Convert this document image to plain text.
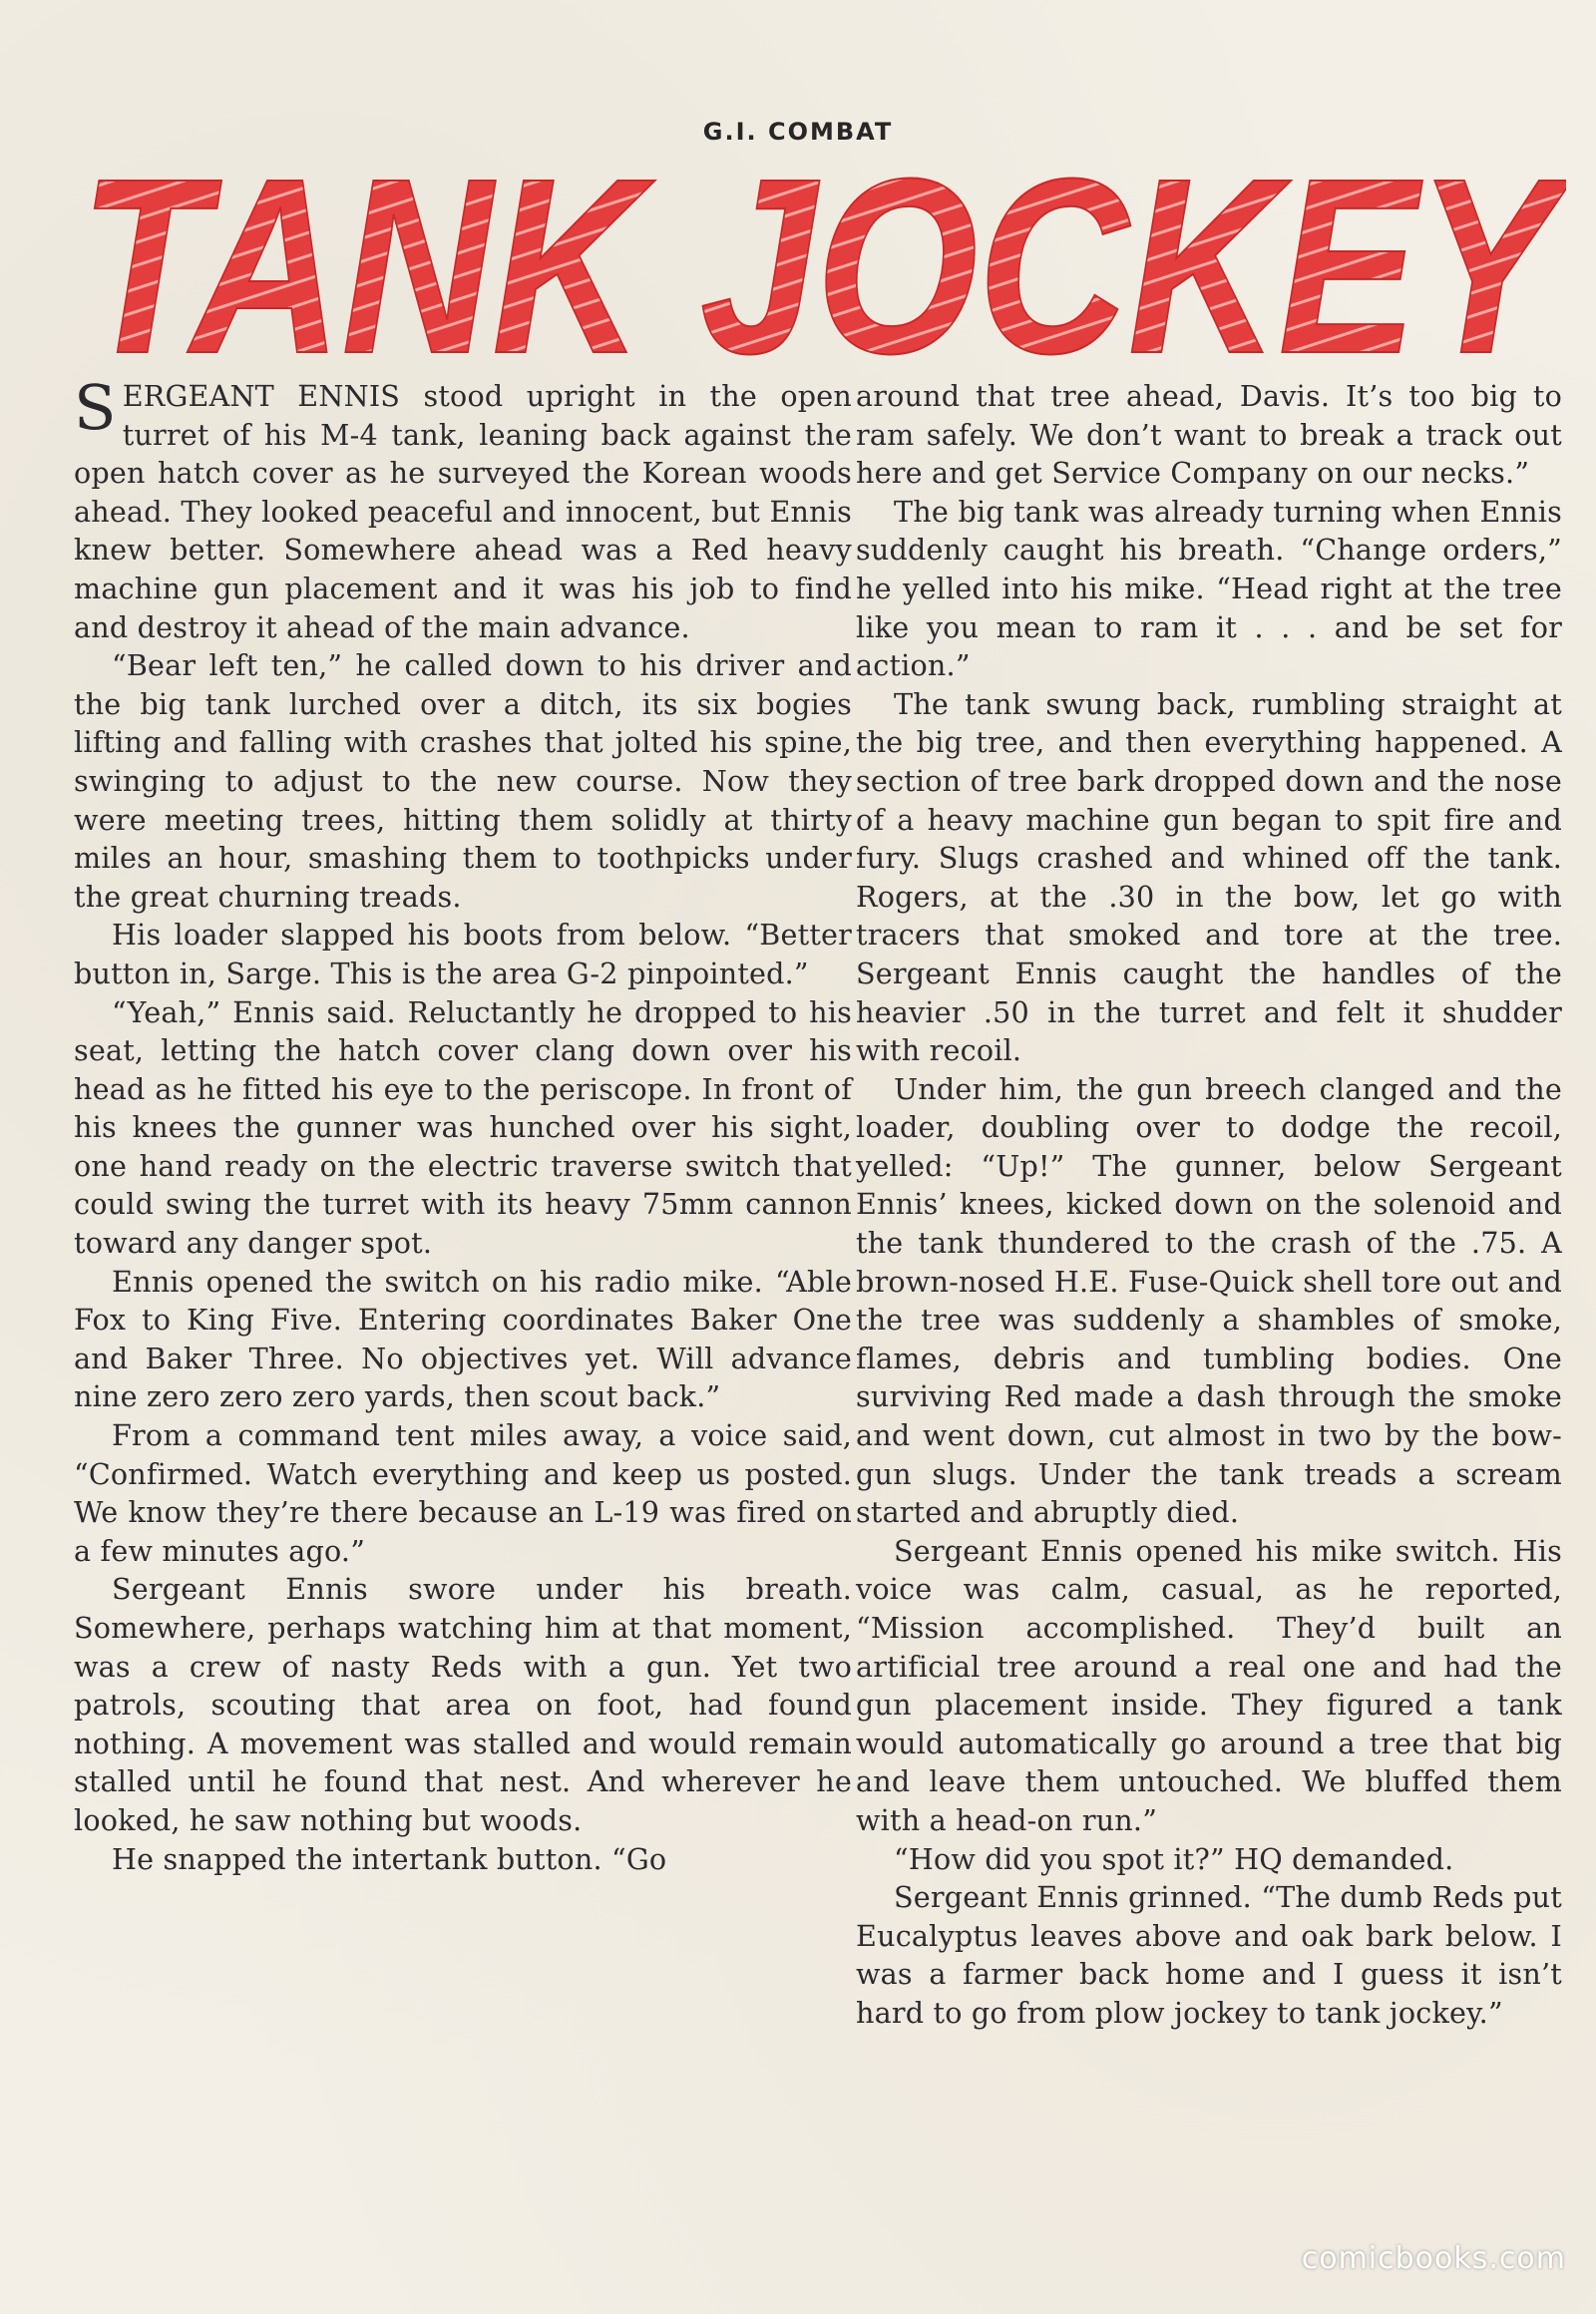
G.I. COMBAT
TANK JOCKEY

SERGEANT ENNIS stood upright in the open turret of his M-4 tank, leaning back against the open hatch cover as he surveyed the Korean woods ahead. They looked peaceful and innocent, but Ennis knew better. Somewhere ahead was a Red heavy machine gun placement and it was his job to find and destroy it ahead of the main advance.

“Bear left ten,” he called down to his driver and the big tank lurched over a ditch, its six bogies lifting and falling with crashes that jolted his spine, swinging to adjust to the new course. Now they were meeting trees, hitting them solidly at thirty miles an hour, smashing them to toothpicks under the great churning treads.

His loader slapped his boots from below. “Better button in, Sarge. This is the area G-2 pinpointed.”

“Yeah,” Ennis said. Reluctantly he dropped to his seat, letting the hatch cover clang down over his head as he fitted his eye to the periscope. In front of his knees the gunner was hunched over his sight, one hand ready on the electric traverse switch that could swing the turret with its heavy 75mm cannon toward any danger spot.

Ennis opened the switch on his radio mike. “Able Fox to King Five. Entering coordinates Baker One and Baker Three. No objectives yet. Will advance nine zero zero zero yards, then scout back.”

From a command tent miles away, a voice said, “Confirmed. Watch everything and keep us posted. We know they’re there because an L-19 was fired on a few minutes ago.”

Sergeant Ennis swore under his breath. Somewhere, perhaps watching him at that moment, was a crew of nasty Reds with a gun. Yet two patrols, scouting that area on foot, had found nothing. A movement was stalled and would remain stalled until he found that nest. And wherever he looked, he saw nothing but woods.

He snapped the intertank button. “Go

around that tree ahead, Davis. It’s too big to ram safely. We don’t want to break a track out here and get Service Company on our necks.”

The big tank was already turning when Ennis suddenly caught his breath. “Change orders,” he yelled into his mike. “Head right at the tree like you mean to ram it . . . and be set for action.”

The tank swung back, rumbling straight at the big tree, and then everything happened. A section of tree bark dropped down and the nose of a heavy machine gun began to spit fire and fury. Slugs crashed and whined off the tank. Rogers, at the .30 in the bow, let go with tracers that smoked and tore at the tree. Sergeant Ennis caught the handles of the heavier .50 in the turret and felt it shudder with recoil.

Under him, the gun breech clanged and the loader, doubling over to dodge the recoil, yelled: “Up!” The gunner, below Sergeant Ennis’ knees, kicked down on the solenoid and the tank thundered to the crash of the .75. A brown-nosed H.E. Fuse-Quick shell tore out and the tree was suddenly a shambles of smoke, flames, debris and tumbling bodies. One surviving Red made a dash through the smoke and went down, cut almost in two by the bow-gun slugs. Under the tank treads a scream started and abruptly died.

Sergeant Ennis opened his mike switch. His voice was calm, casual, as he reported, “Mission accomplished. They’d built an artificial tree around a real one and had the gun placement inside. They figured a tank would automatically go around a tree that big and leave them untouched. We bluffed them with a head-on run.”

“How did you spot it?” HQ demanded.

Sergeant Ennis grinned. “The dumb Reds put Eucalyptus leaves above and oak bark below. I was a farmer back home and I guess it isn’t hard to go from plow jockey to tank jockey.”

comicbooks.com
